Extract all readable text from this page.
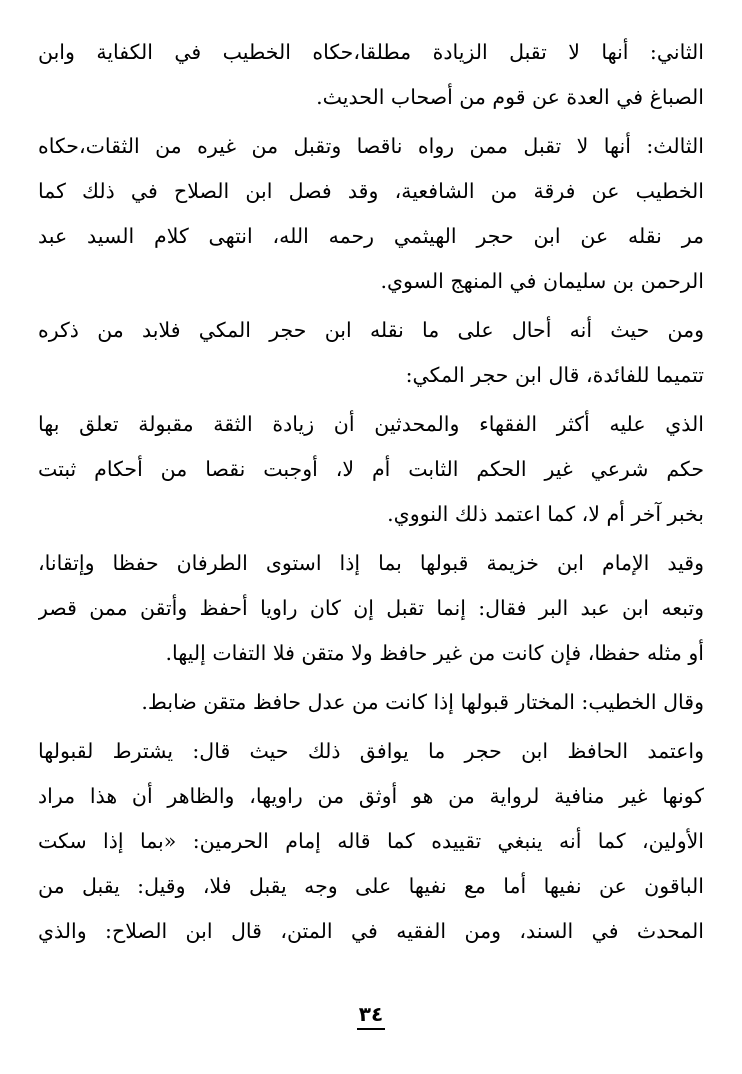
الثاني: أنها لا تقبل الزيادة مطلقا،حكاه الخطيب في الكفاية وابن
الصباغ في العدة عن قوم من أصحاب الحديث.
الثالث: أنها لا تقبل ممن رواه ناقصا وتقبل من غيره من الثقات،حكاه
الخطيب عن فرقة من الشافعية، وقد فصل ابن الصلاح في ذلك كما
مر نقله عن ابن حجر الهيثمي رحمه الله، انتهى كلام السيد عبد
الرحمن بن سليمان في المنهج السوي.
ومن حيث أنه أحال على ما نقله ابن حجر المكي فلابد من ذكره
تتميما للفائدة، قال ابن حجر المكي:
الذي عليه أكثر الفقهاء والمحدثين أن زيادة الثقة مقبولة تعلق بها
حكم شرعي غير الحكم الثابت أم لا، أوجبت نقصا من أحكام ثبتت
بخبر آخر أم لا، كما اعتمد ذلك النووي.
وقيد الإمام ابن خزيمة قبولها بما إذا استوى الطرفان حفظا وإتقانا،
وتبعه ابن عبد البر فقال: إنما تقبل إن كان راويا أحفظ وأتقن ممن قصر
أو مثله حفظا، فإن كانت من غير حافظ ولا متقن فلا التفات إليها.
وقال الخطيب: المختار قبولها إذا كانت من عدل حافظ متقن ضابط.
واعتمد الحافظ ابن حجر ما يوافق ذلك حيث قال: يشترط لقبولها
كونها غير منافية لرواية من هو أوثق من راويها، والظاهر أن هذا مراد
الأولين، كما أنه ينبغي تقييده كما قاله إمام الحرمين: «بما إذا سكت
الباقون عن نفيها أما مع نفيها على وجه يقبل فلا، وقيل: يقبل من
المحدث في السند، ومن الفقيه في المتن، قال ابن الصلاح: والذي
٣٤
